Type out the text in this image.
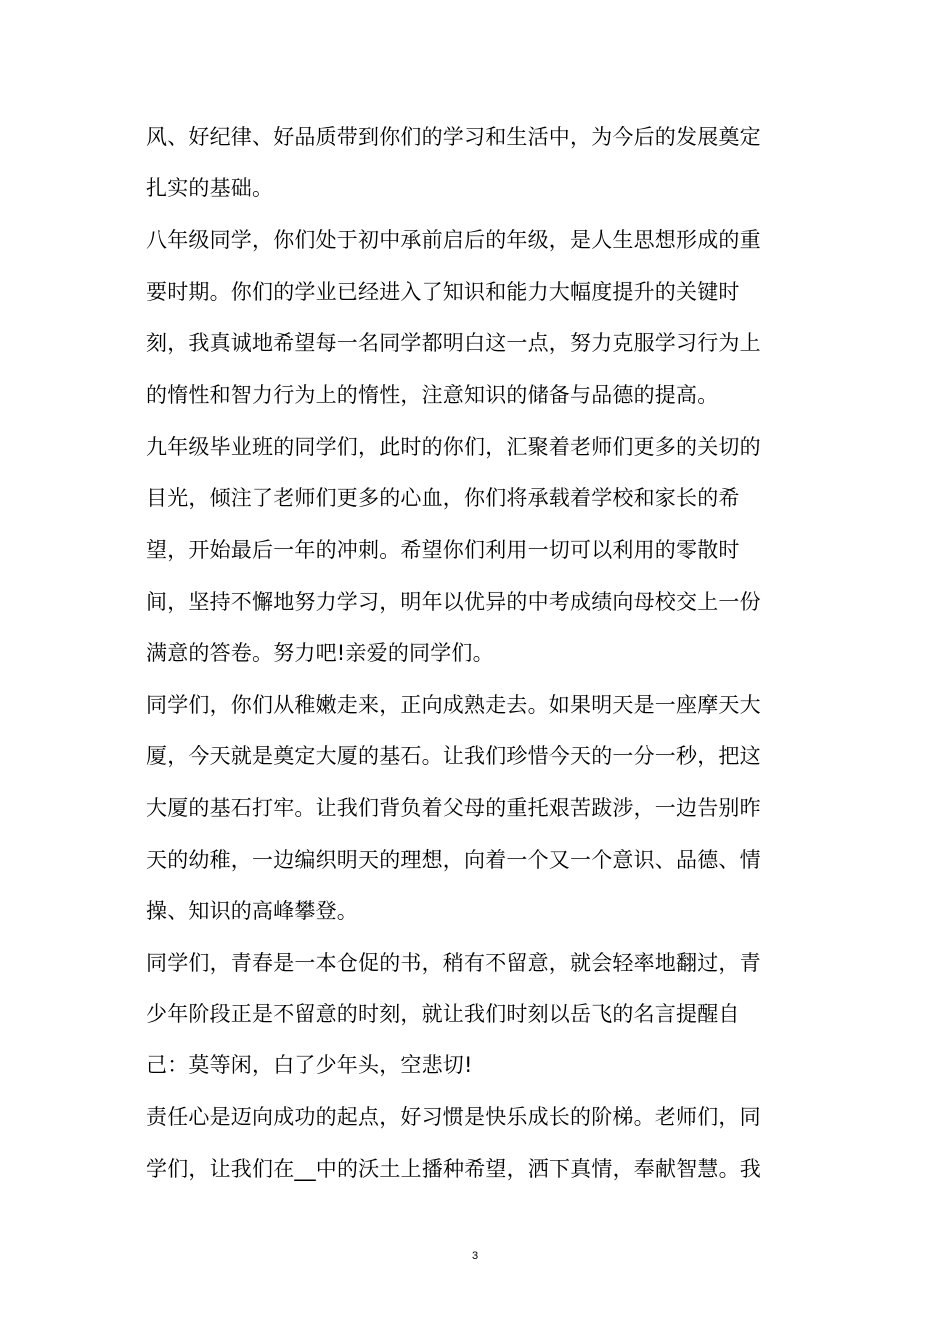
风、好纪律、好品质带到你们的学习和生活中，为今后的发展奠定
扎实的基础。
八年级同学，你们处于初中承前启后的年级，是人生思想形成的重
要时期。你们的学业已经进入了知识和能力大幅度提升的关键时
刻，我真诚地希望每一名同学都明白这一点，努力克服学习行为上
的惰性和智力行为上的惰性，注意知识的储备与品德的提高。
九年级毕业班的同学们，此时的你们，汇聚着老师们更多的关切的
目光，倾注了老师们更多的心血，你们将承载着学校和家长的希
望，开始最后一年的冲刺。希望你们利用一切可以利用的零散时
间，坚持不懈地努力学习，明年以优异的中考成绩向母校交上一份
满意的答卷。努力吧!亲爱的同学们。
同学们，你们从稚嫩走来，正向成熟走去。如果明天是一座摩天大
厦，今天就是奠定大厦的基石。让我们珍惜今天的一分一秒，把这
大厦的基石打牢。让我们背负着父母的重托艰苦跋涉，一边告别昨
天的幼稚，一边编织明天的理想，向着一个又一个意识、品德、情
操、知识的高峰攀登。
同学们，青春是一本仓促的书，稍有不留意，就会轻率地翻过，青
少年阶段正是不留意的时刻，就让我们时刻以岳飞的名言提醒自
己：莫等闲，白了少年头，空悲切!
责任心是迈向成功的起点，好习惯是快乐成长的阶梯。老师们，同
学们，让我们在__中的沃土上播种希望，洒下真情，奉献智慧。我
3
